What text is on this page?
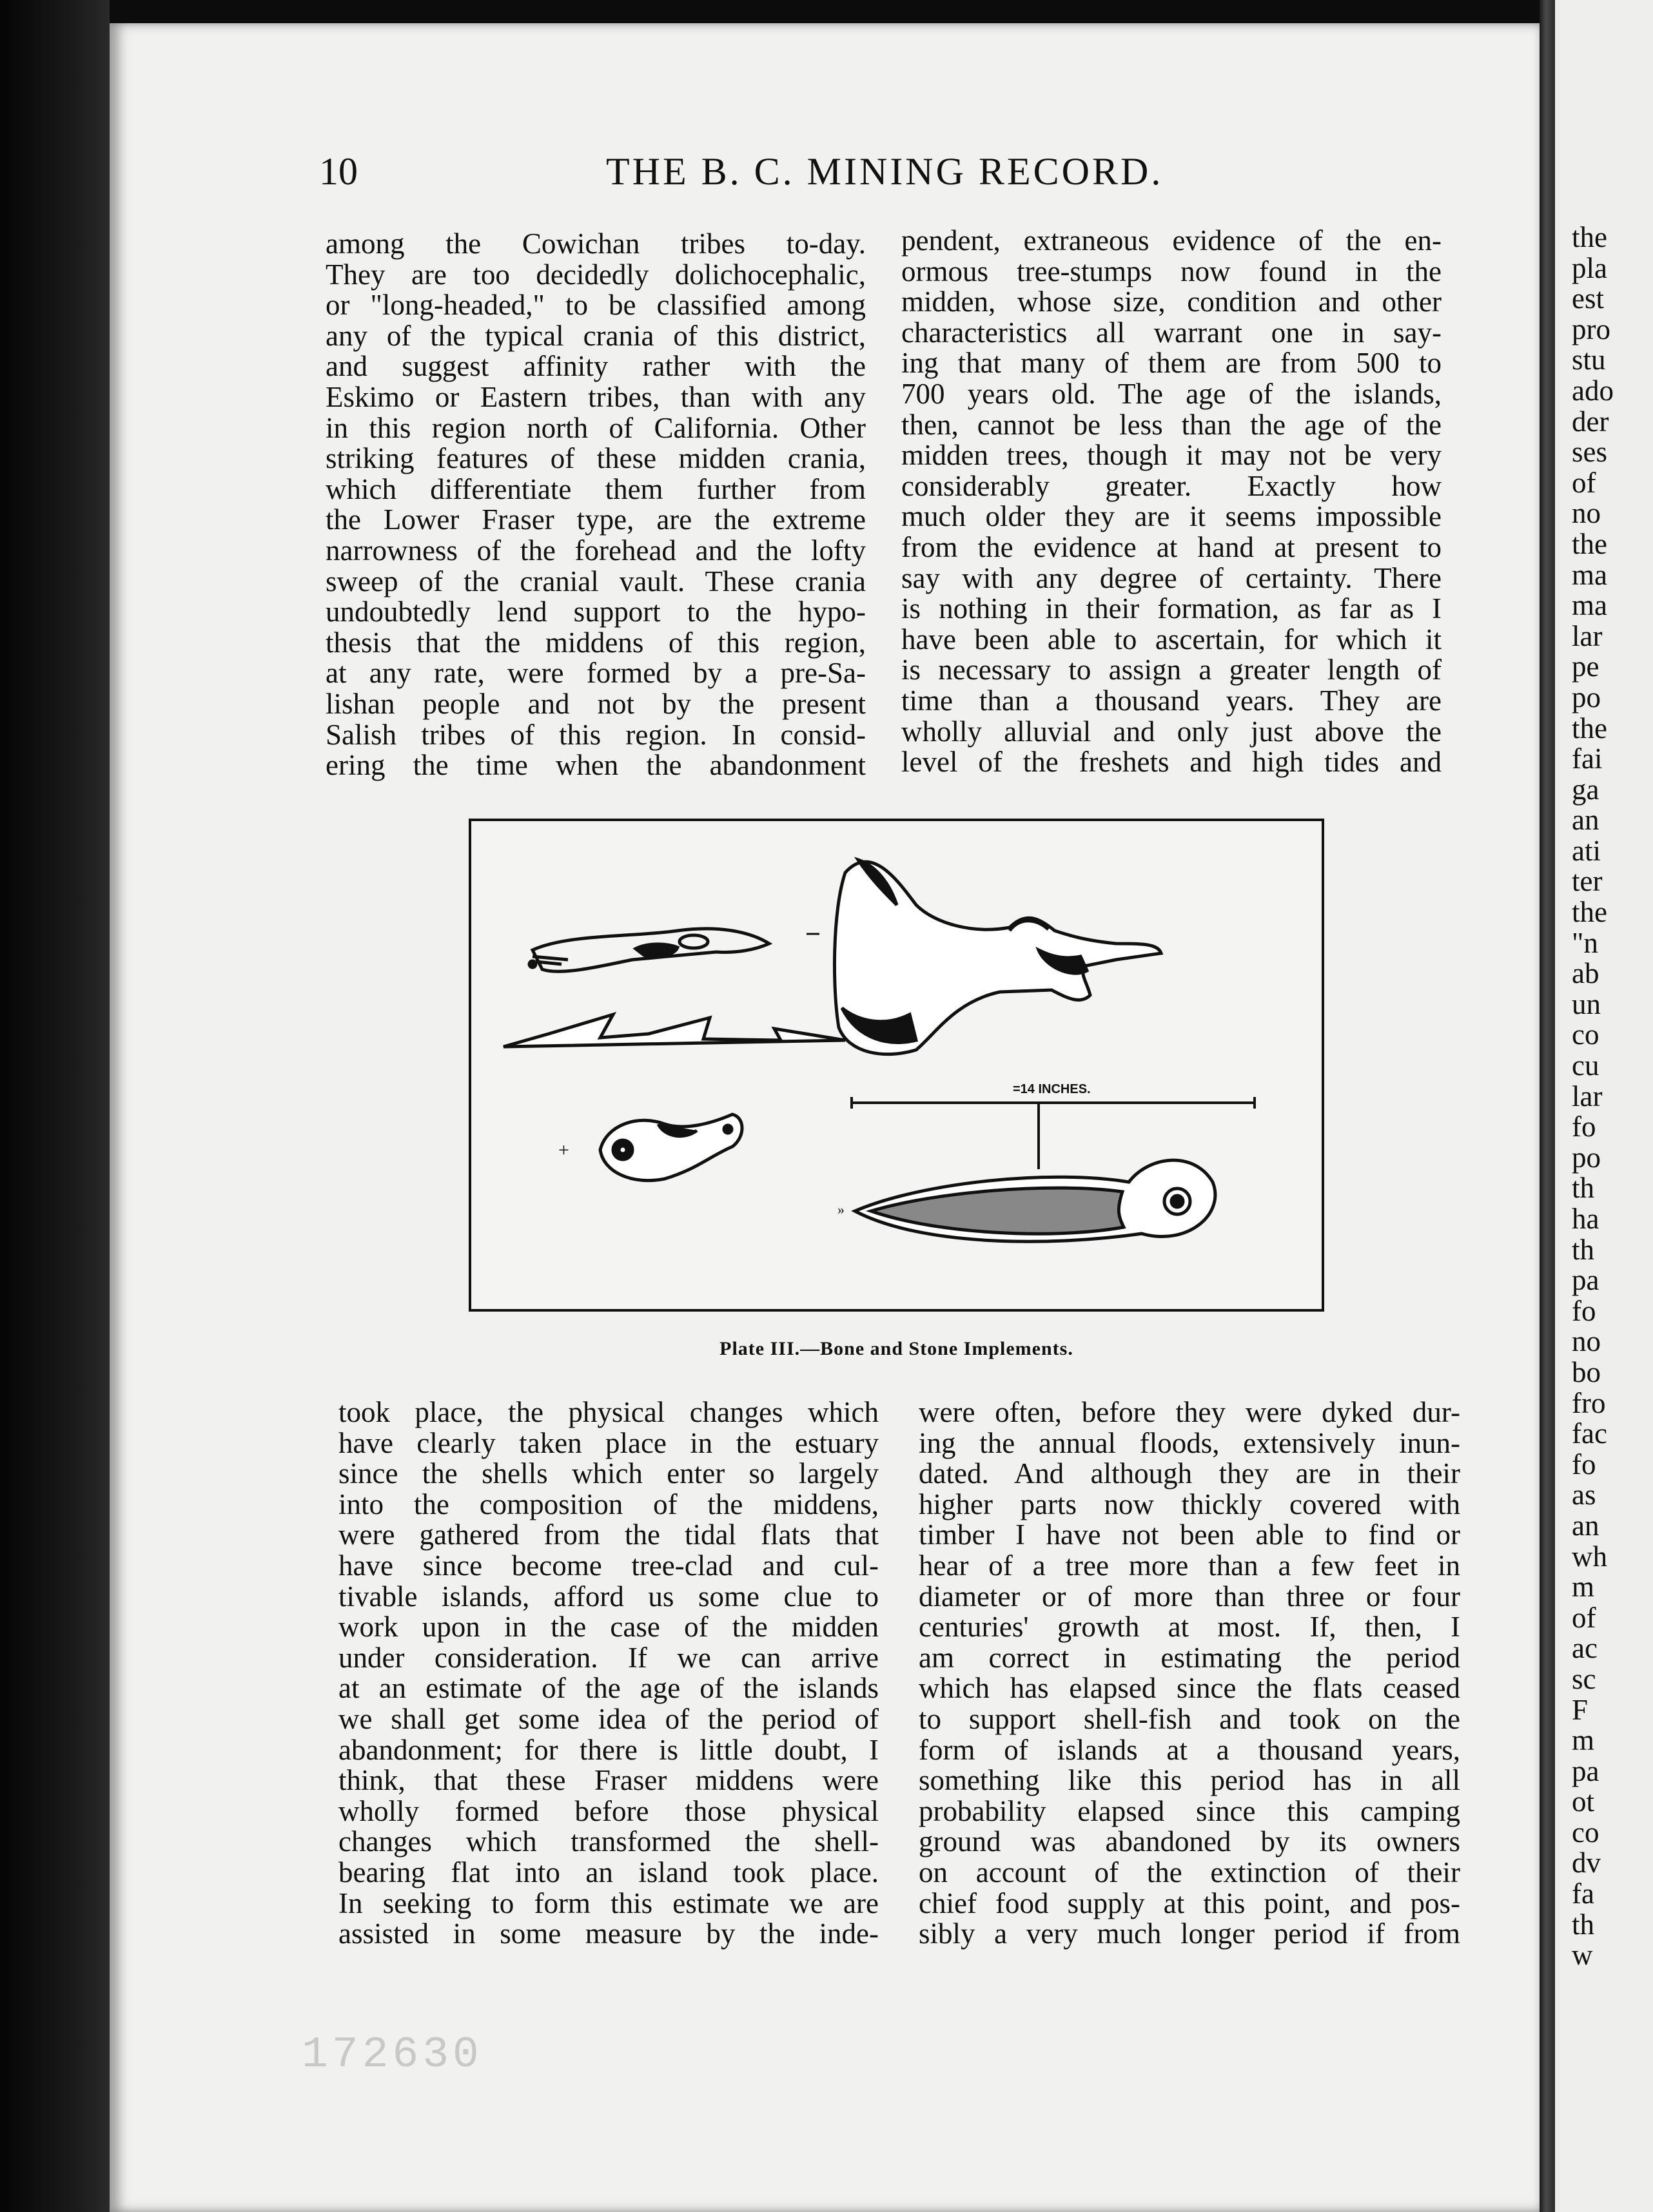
10	THE B. C. MINING RECORD.
among the Cowichan tribes to-day.
They are too decidedly dolichocephalic,
or "long-headed," to be classified among
any of the typical crania of this district,
and suggest affinity rather with the
Eskimo or Eastern tribes, than with any
in this region north of California. Other
striking features of these midden crania,
which differentiate them further from
the Lower Fraser type, are the extreme
narrowness of the forehead and the lofty
sweep of the cranial vault. These crania
undoubtedly lend support to the hypo-
thesis that the middens of this region,
at any rate, were formed by a pre-Sa-
lishan people and not by the present
Salish tribes of this region. In consid-
ering the time when the abandonment
pendent, extraneous evidence of the en-
ormous tree-stumps now found in the
midden, whose size, condition and other
characteristics all warrant one in say-
ing that many of them are from 500 to
700 years old. The age of the islands,
then, cannot be less than the age of the
midden trees, though it may not be very
considerably greater. Exactly how
much older they are it seems impossible
from the evidence at hand at present to
say with any degree of certainty. There
is nothing in their formation, as far as I
have been able to ascertain, for which it
is necessary to assign a greater length of
time than a thousand years. They are
wholly alluvial and only just above the
level of the freshets and high tides and
took place, the physical changes which
have clearly taken place in the estuary
since the shells which enter so largely
into the composition of the middens,
were gathered from the tidal flats that
have since become tree-clad and cul-
tivable islands, afford us some clue to
work upon in the case of the midden
under consideration. If we can arrive
at an estimate of the age of the islands
we shall get some idea of the period of
abandonment; for there is little doubt, I
think, that these Fraser middens were
wholly formed before those physical
changes which transformed the shell-
bearing flat into an island took place.
In seeking to form this estimate we are
assisted in some measure by the inde-
were often, before they were dyked dur-
ing the annual floods, extensively inun-
dated. And although they are in their
higher parts now thickly covered with
timber I have not been able to find or
hear of a tree more than a few feet in
diameter or of more than three or four
centuries' growth at most. If, then, I
am correct in estimating the period
which has elapsed since the flats ceased
to support shell-fish and took on the
form of islands at a thousand years,
something like this period has in all
probability elapsed since this camping
ground was abandoned by its owners
on account of the extinction of their
chief food supply at this point, and pos-
sibly a very much longer period if from
the
pla
est
pro
stu
ado
der
ses
of
no
the
ma
ma
lar
pe
po
the
fai
ga
an
ati
ter
the
"n
ab
un
co
cu
lar
fo
po
th
ha
th
pa
fo
no
bo
fro
fac
fo
as
an
wh
m
of
ac
sc
F
m
pa
ot
co
dv
fa
th
w
+
=14 INCHES.
»
Plate III.—Bone and Stone Implements.
172630
